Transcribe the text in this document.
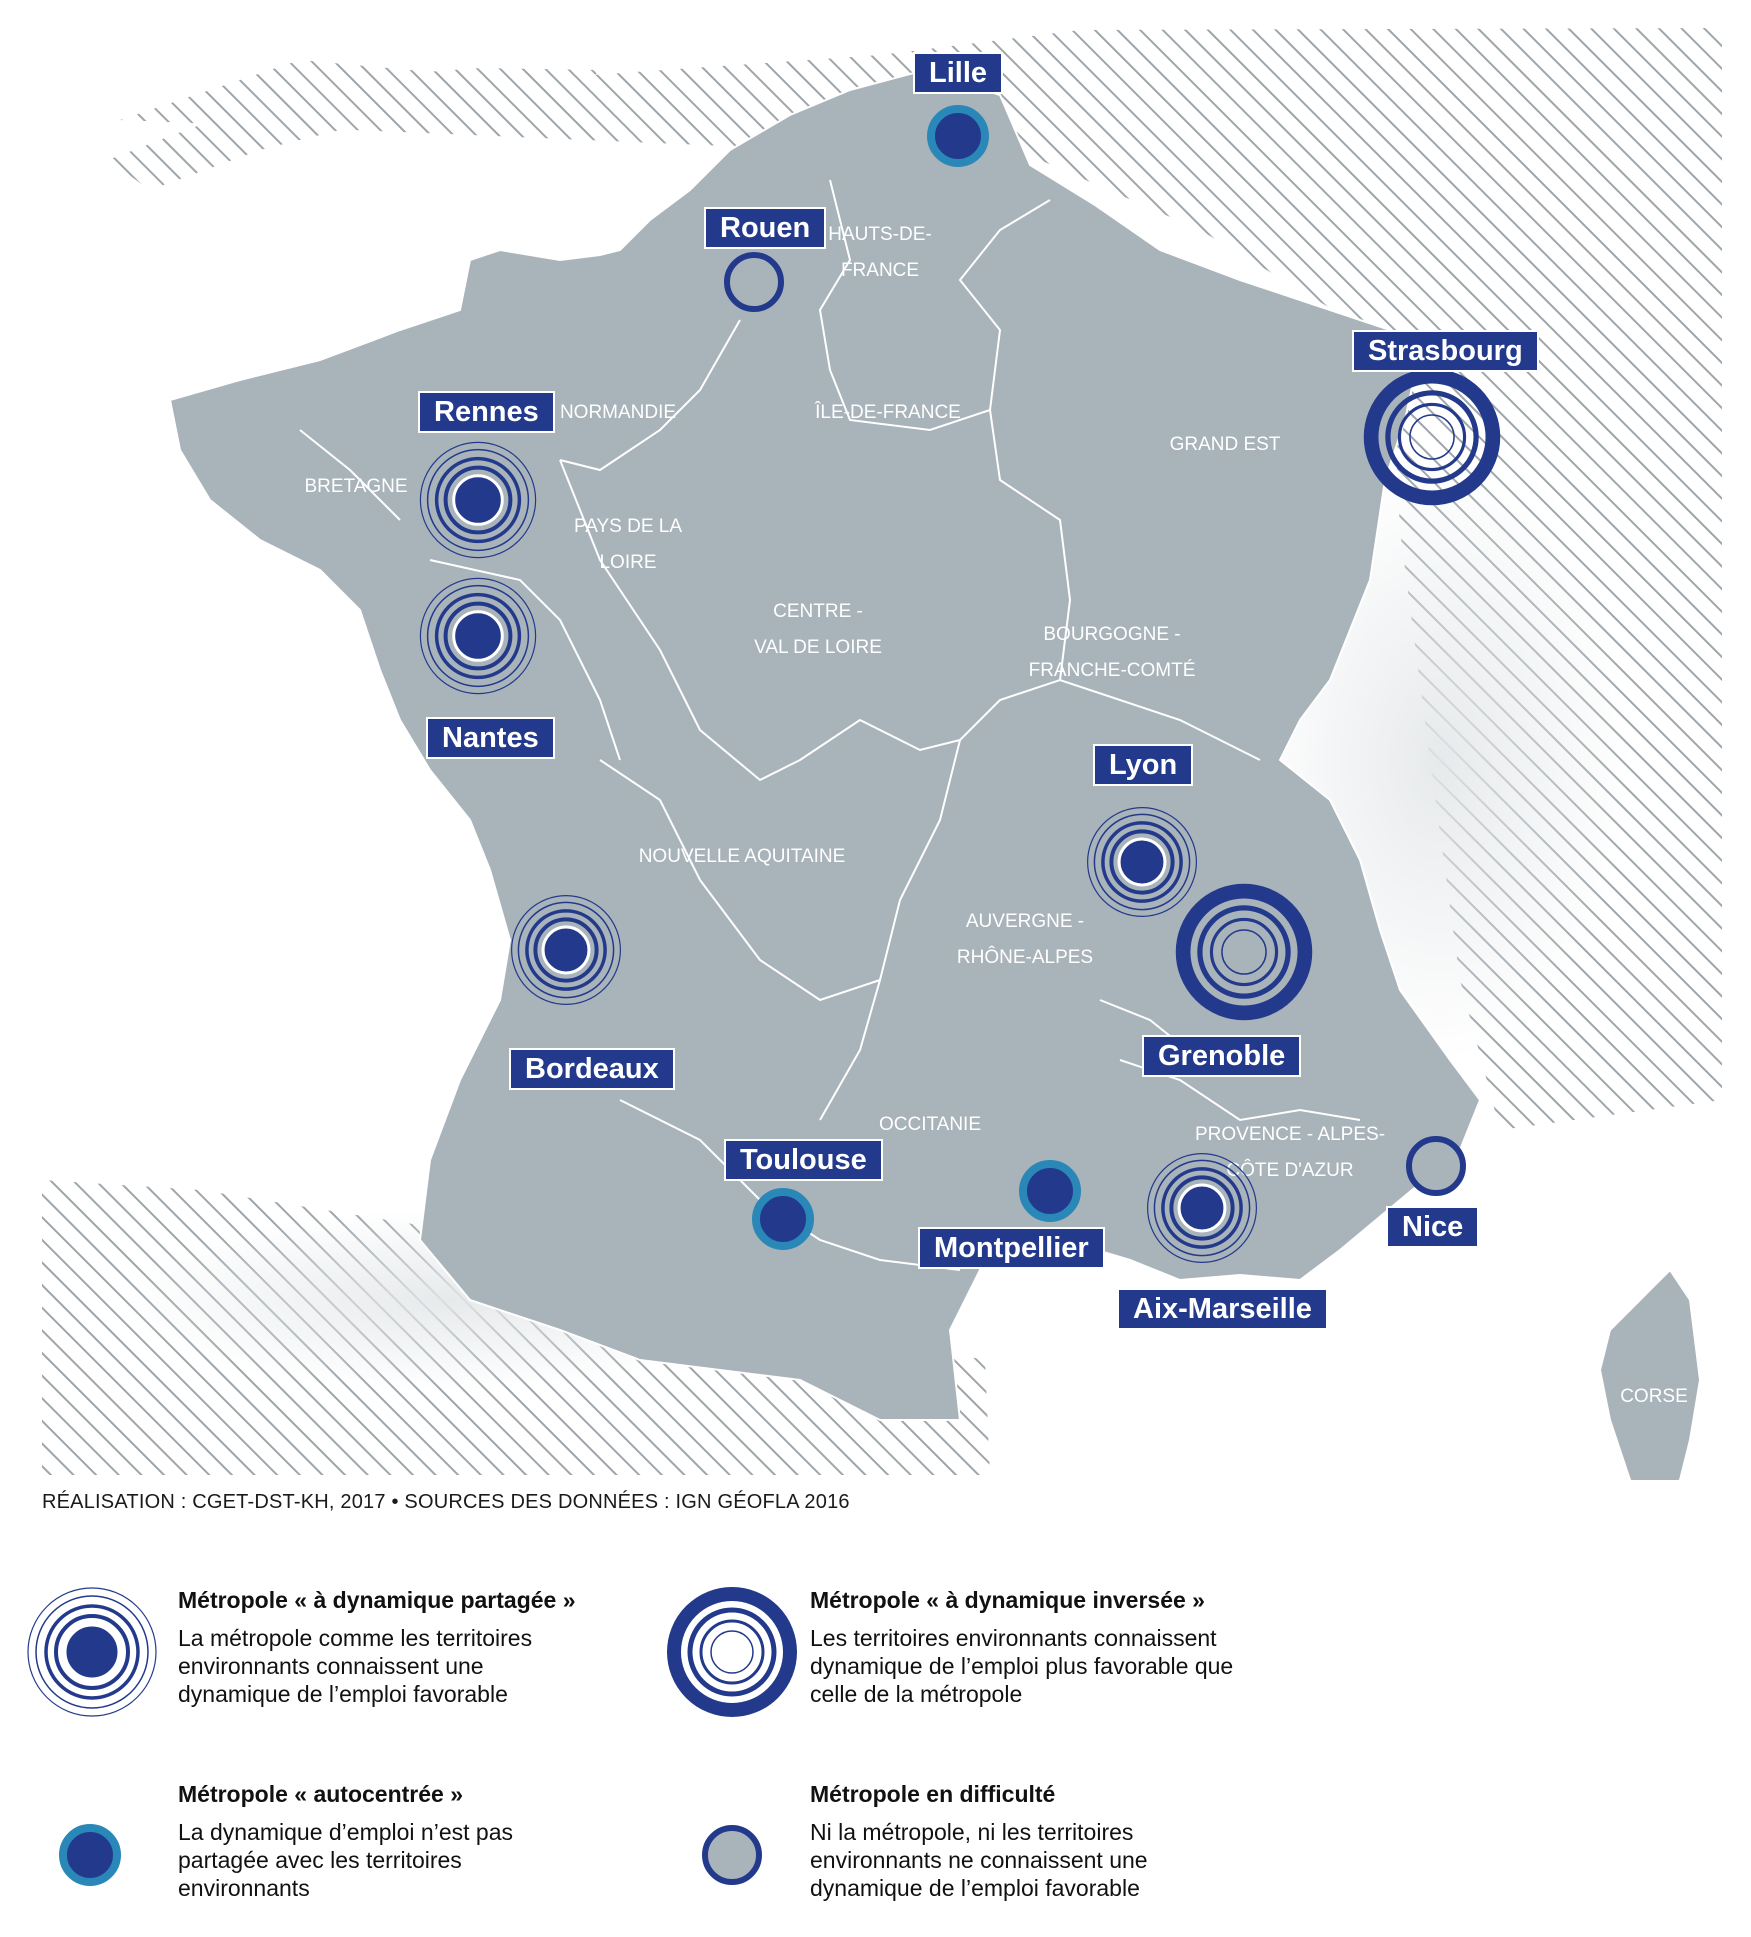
HAUTS-DE-
FRANCE
NORMANDIE	ÎLE-DE-FRANCE
GRAND EST
BRETAGNE
PAYS DE LA
LOIRE
CENTRE -
VAL DE LOIRE
BOURGOGNE -
FRANCHE-COMTÉ
NOUVELLE AQUITAINE
AUVERGNE -
RHÔNE-ALPES
OCCITANIE	PROVENCE - ALPES-
CÔTE D'AZUR
CORSE
Lille
Rouen
Rennes
Nantes
Strasbourg
Lyon
Grenoble
Bordeaux
Toulouse
Montpellier
Aix-Marseille
Nice
RÉALISATION : CGET-DST-KH, 2017 • SOURCES DES DONNÉES : IGN GÉOFLA 2016
Métropole « à dynamique partagée »
La métropole comme les territoires
environnants connaissent une
dynamique de l’emploi favorable
Métropole « à dynamique inversée »
Les territoires environnants connaissent
dynamique de l’emploi plus favorable que
celle de la métropole
Métropole « autocentrée »
La dynamique d’emploi n’est pas
partagée avec les territoires
environnants
Métropole en difficulté
Ni la métropole, ni les territoires
environnants ne connaissent une
dynamique de l’emploi favorable
